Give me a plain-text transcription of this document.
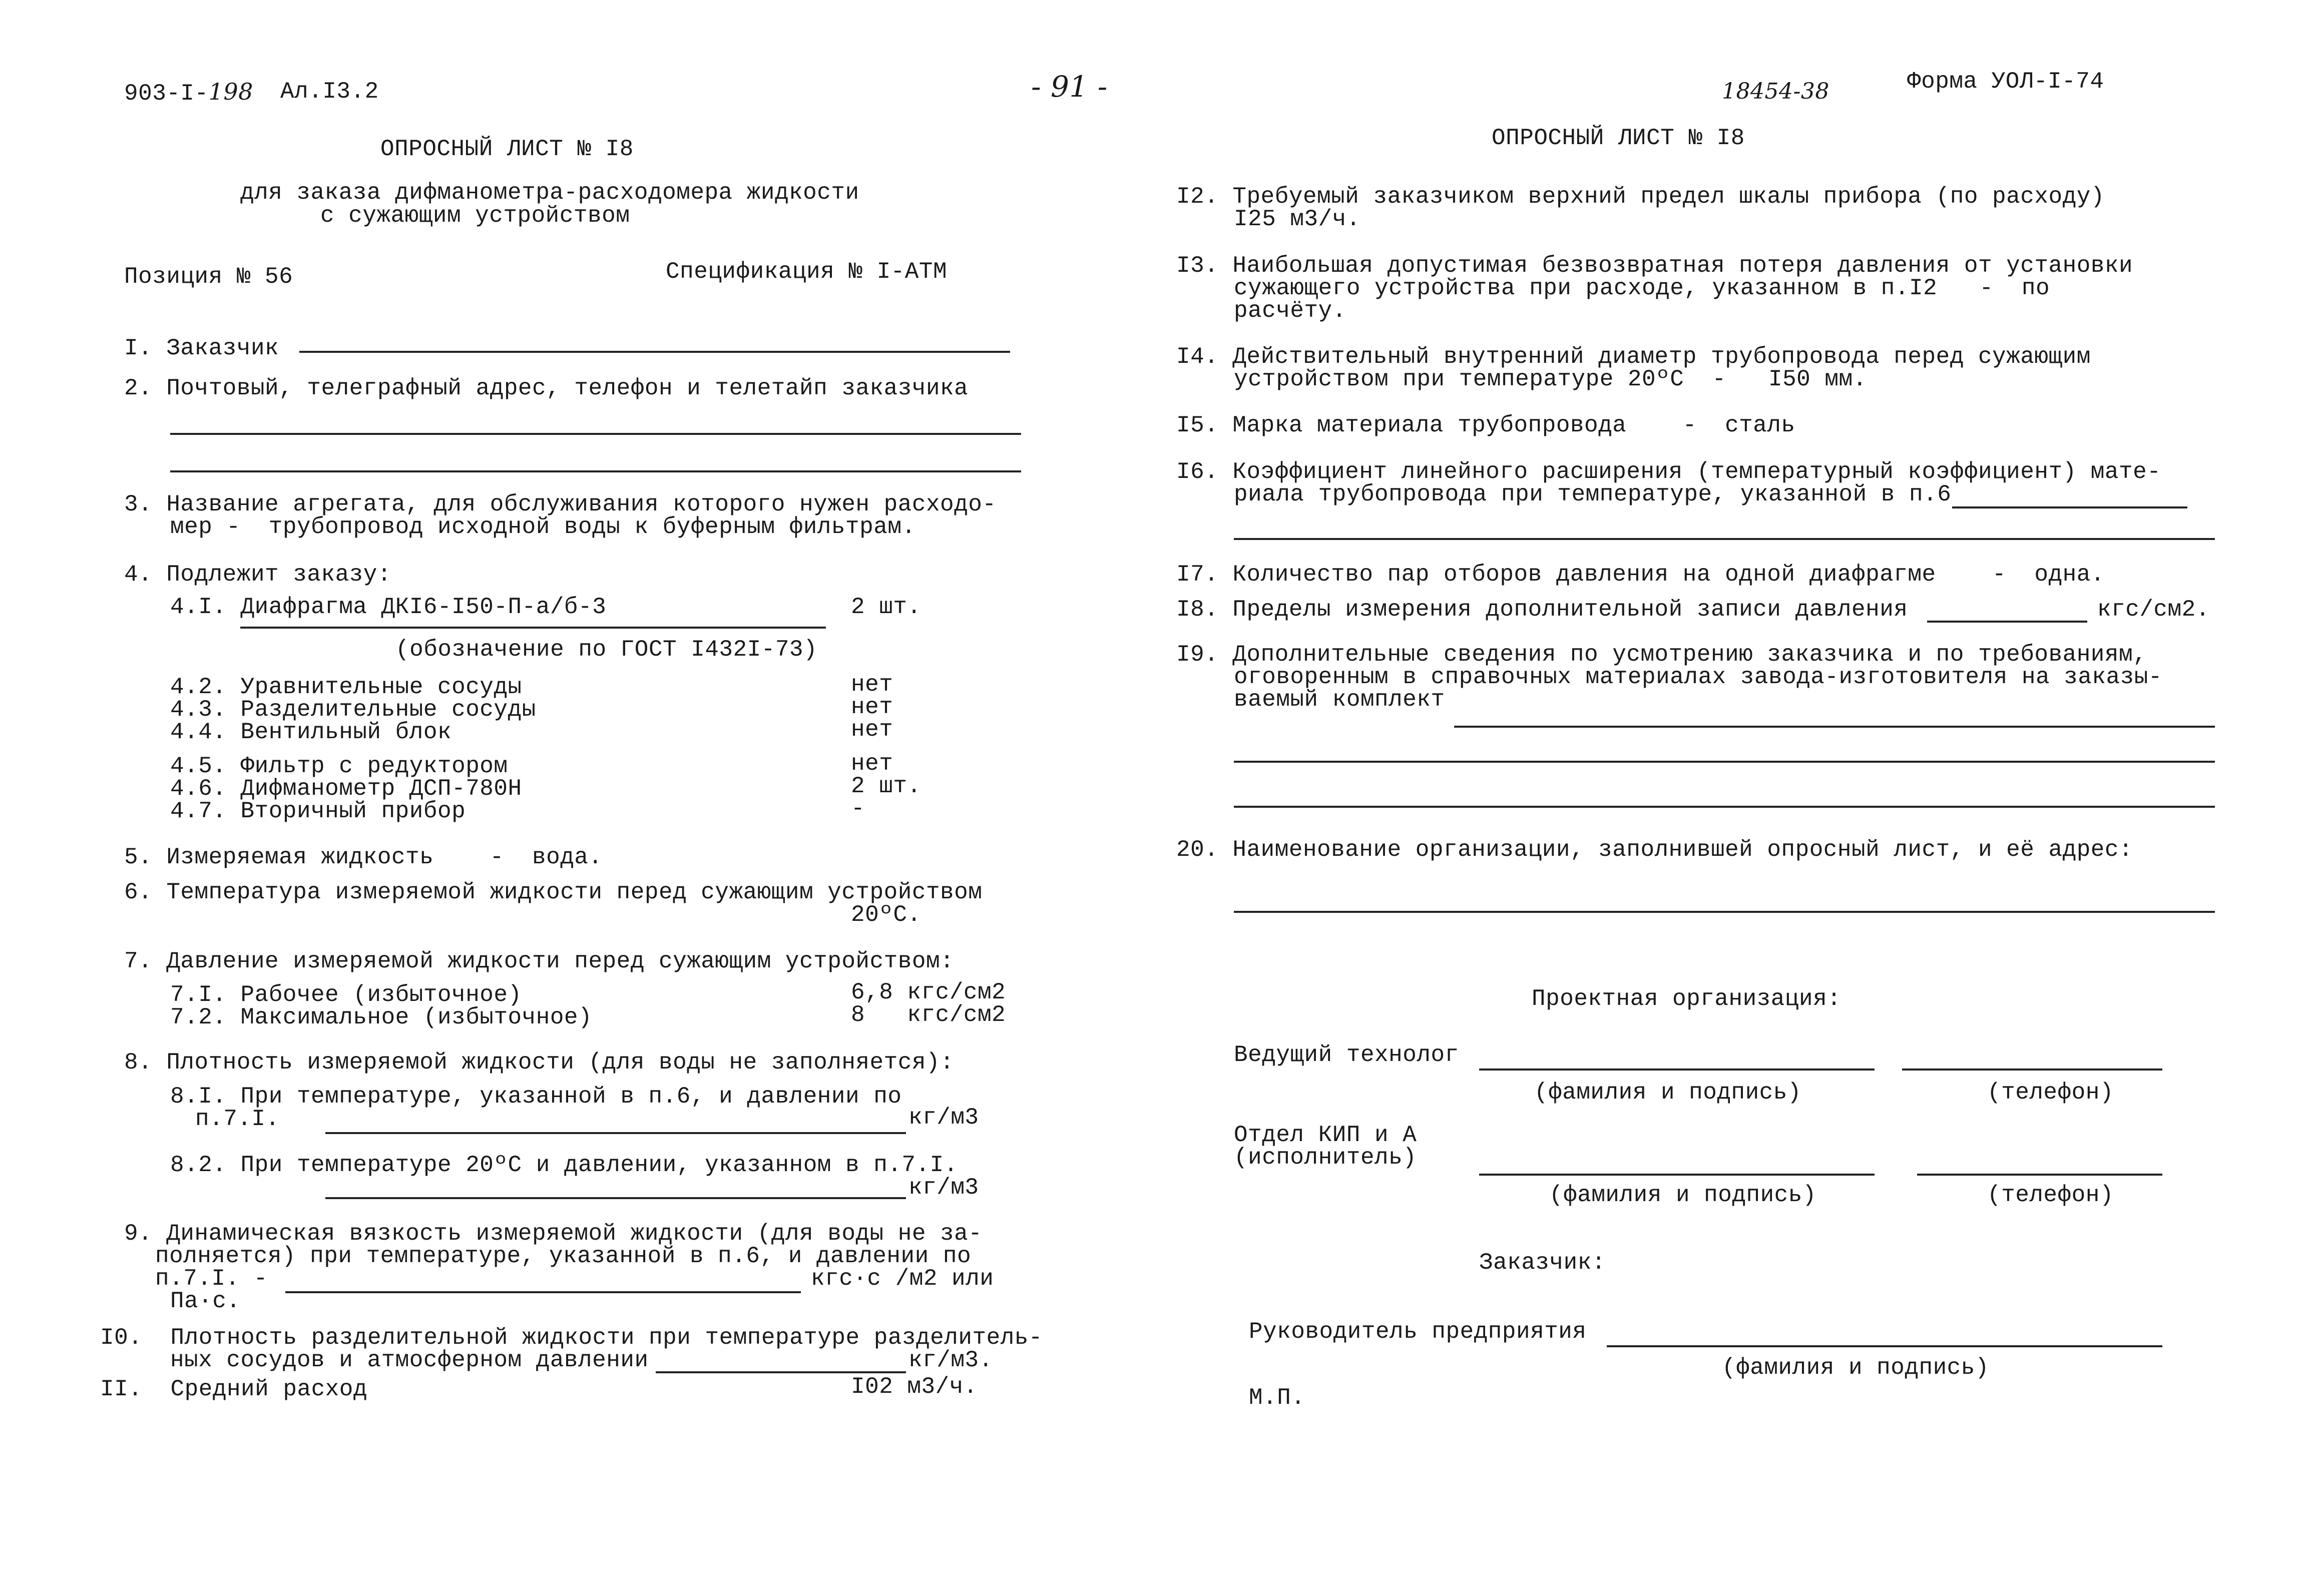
903-I-198 Ал.I3.2	- 91 -	18454-38	Форма УОЛ-I-74
ОПРОСНЫЙ ЛИСТ № I8
для заказа дифманометра-расходомера жидкости
с сужающим устройством
Позиция № 56	Спецификация № I-АТМ
I. Заказчик
2. Почтовый, телеграфный адрес, телефон и телетайп заказчика
3. Название агрегата, для обслуживания которого нужен расходо-
мер -  трубопровод исходной воды к буферным фильтрам.
4. Подлежит заказу:
4.I. Диафрагма ДКI6-I50-П-а/б-3	2 шт.
(обозначение по ГОСТ I432I-73)
4.2. Уравнительные сосуды	нет
4.3. Разделительные сосуды	нет
4.4. Вентильный блок	нет
4.5. Фильтр с редуктором	нет
4.6. Дифманометр ДСП-780Н	2 шт.
4.7. Вторичный прибор	-
5. Измеряемая жидкость    -  вода.
6. Температура измеряемой жидкости перед сужающим устройством
20ºС.
7. Давление измеряемой жидкости перед сужающим устройством:
7.I. Рабочее (избыточное)	6,8 кгс/см2
7.2. Максимальное (избыточное)	8   кгс/см2
8. Плотность измеряемой жидкости (для воды не заполняется):
8.I. При температуре, указанной в п.6, и давлении по
п.7.I.	кг/м3
8.2. При температуре 20ºС и давлении, указанном в п.7.I.
кг/м3
9. Динамическая вязкость измеряемой жидкости (для воды не за-
полняется) при температуре, указанной в п.6, и давлении по
п.7.I. -	кгс·с /м2 или
Па·с.
I0.  Плотность разделительной жидкости при температуре разделитель-
ных сосудов и атмосферном давлении	кг/м3.
II.  Средний расход	I02 м3/ч.
ОПРОСНЫЙ ЛИСТ № I8
I2. Требуемый заказчиком верхний предел шкалы прибора (по расходу)
I25 м3/ч.
I3. Наибольшая допустимая безвозвратная потеря давления от установки
сужающего устройства при расходе, указанном в п.I2   -  по
расчёту.
I4. Действительный внутренний диаметр трубопровода перед сужающим
устройством при температуре 20ºС  -   I50 мм.
I5. Марка материала трубопровода    -  сталь
I6. Коэффициент линейного расширения (температурный коэффициент) мате-
риала трубопровода при температуре, указанной в п.6
I7. Количество пар отборов давления на одной диафрагме    -  одна.
I8. Пределы измерения дополнительной записи давления	кгс/см2.
I9. Дополнительные сведения по усмотрению заказчика и по требованиям,
оговоренным в справочных материалах завода-изготовителя на заказы-
ваемый комплект
20. Наименование организации, заполнившей опросный лист, и её адрес:
Проектная организация:
Ведущий технолог
(фамилия и подпись)	(телефон)
Отдел КИП и А
(исполнитель)
(фамилия и подпись)	(телефон)
Заказчик:
Руководитель предприятия
(фамилия и подпись)
М.П.
